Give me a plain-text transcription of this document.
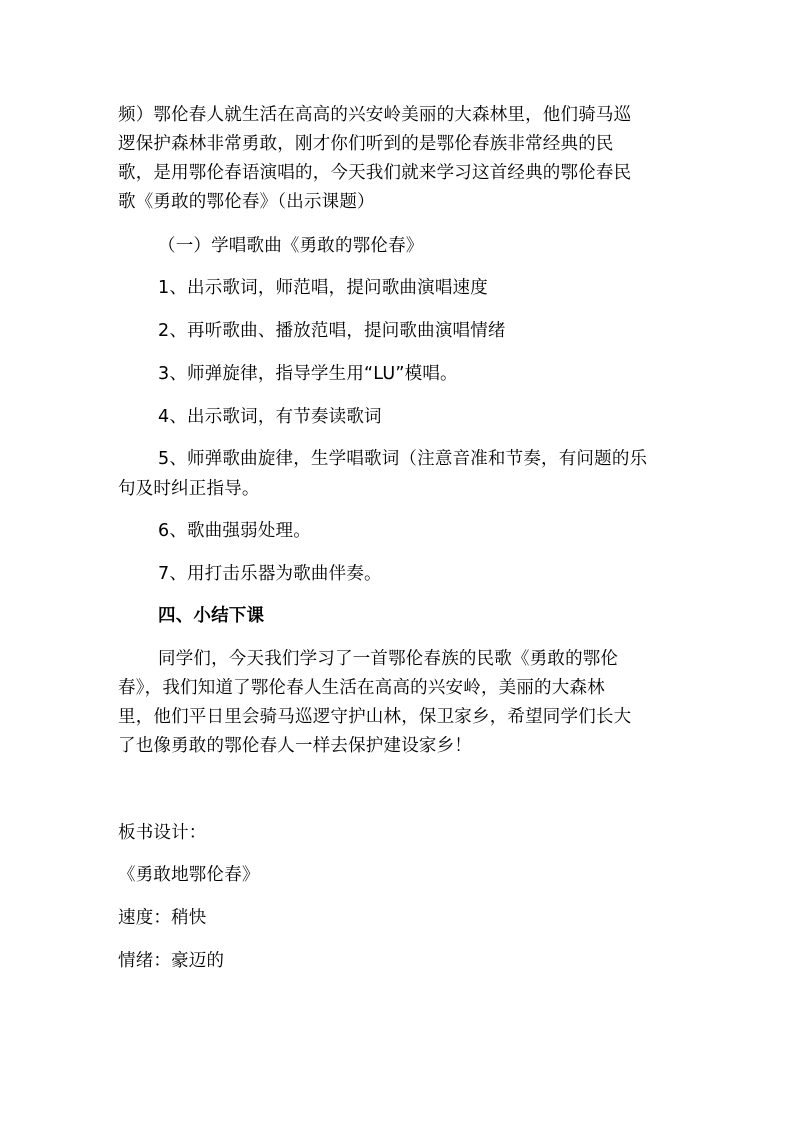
频）鄂伦春人就生活在高高的兴安岭美丽的大森林里，他们骑马巡
逻保护森林非常勇敢，刚才你们听到的是鄂伦春族非常经典的民
歌，是用鄂伦春语演唱的，今天我们就来学习这首经典的鄂伦春民
歌《勇敢的鄂伦春》（出示课题）
（一）学唱歌曲《勇敢的鄂伦春》
1、出示歌词，师范唱，提问歌曲演唱速度
2、再听歌曲、播放范唱，提问歌曲演唱情绪
3、师弹旋律，指导学生用“LU”模唱。
4、出示歌词，有节奏读歌词
5、师弹歌曲旋律，生学唱歌词（注意音准和节奏，有问题的乐
句及时纠正指导。
6、歌曲强弱处理。
7、用打击乐器为歌曲伴奏。
四、小结下课
同学们，今天我们学习了一首鄂伦春族的民歌《勇敢的鄂伦
春》，我们知道了鄂伦春人生活在高高的兴安岭，美丽的大森林
里，他们平日里会骑马巡逻守护山林，保卫家乡，希望同学们长大
了也像勇敢的鄂伦春人一样去保护建设家乡！
板书设计：
《勇敢地鄂伦春》
速度：稍快
情绪：豪迈的
